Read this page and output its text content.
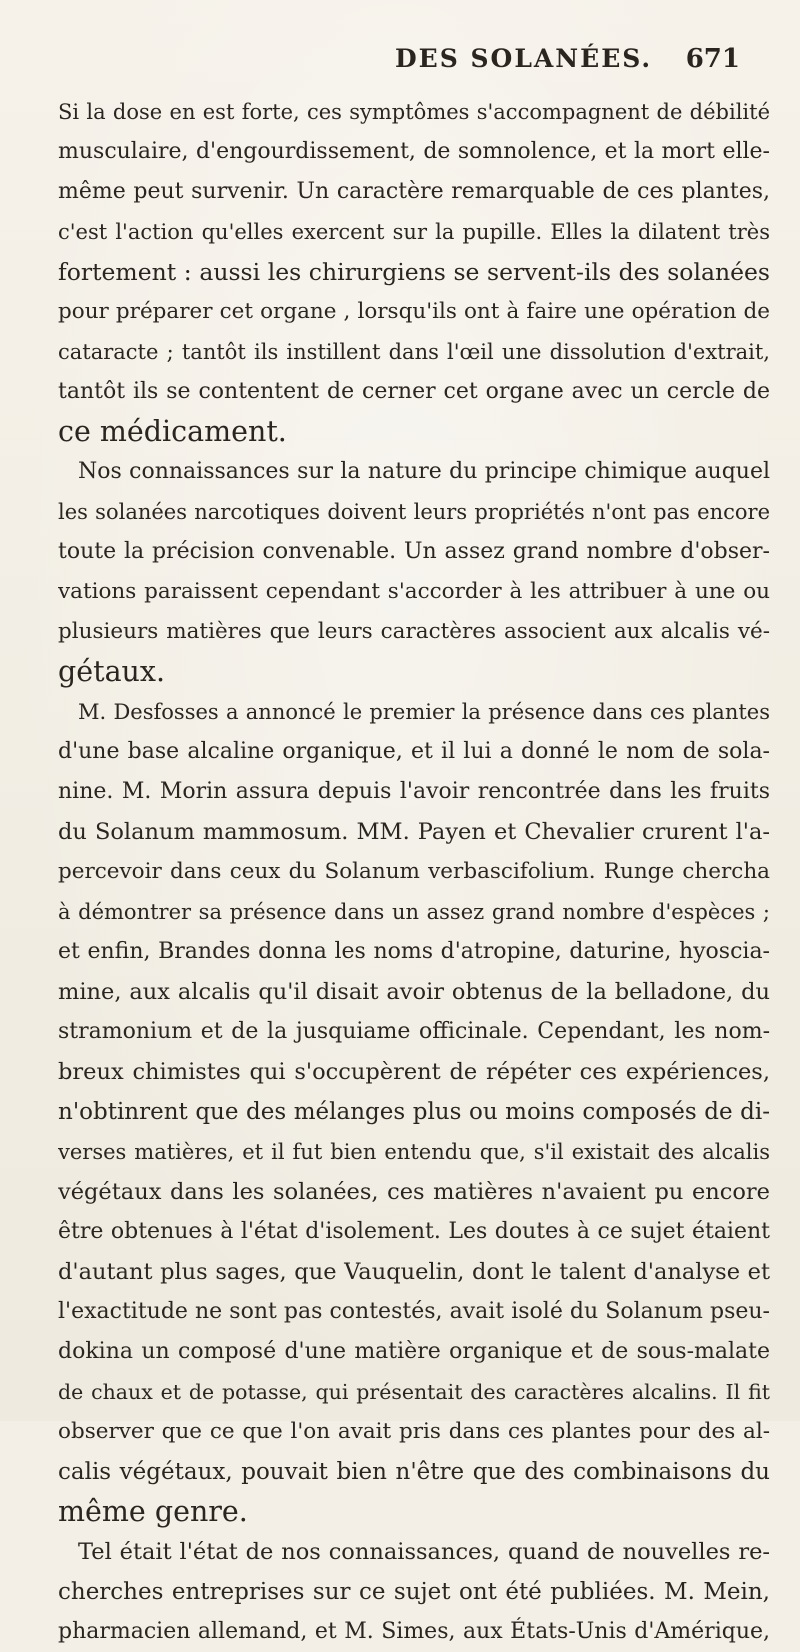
DES SOLANÉES. 671
Si la dose en est forte, ces symptômes s'accompagnent de débilité
musculaire, d'engourdissement, de somnolence, et la mort elle-
même peut survenir. Un caractère remarquable de ces plantes,
c'est l'action qu'elles exercent sur la pupille. Elles la dilatent très
fortement : aussi les chirurgiens se servent-ils des solanées
pour préparer cet organe , lorsqu'ils ont à faire une opération de
cataracte ; tantôt ils instillent dans l'œil une dissolution d'extrait,
tantôt ils se contentent de cerner cet organe avec un cercle de
ce médicament.
Nos connaissances sur la nature du principe chimique auquel
les solanées narcotiques doivent leurs propriétés n'ont pas encore
toute la précision convenable. Un assez grand nombre d'obser-
vations paraissent cependant s'accorder à les attribuer à une ou
plusieurs matières que leurs caractères associent aux alcalis vé-
gétaux.
M. Desfosses a annoncé le premier la présence dans ces plantes
d'une base alcaline organique, et il lui a donné le nom de sola-
nine. M. Morin assura depuis l'avoir rencontrée dans les fruits
du Solanum mammosum. MM. Payen et Chevalier crurent l'a-
percevoir dans ceux du Solanum verbascifolium. Runge chercha
à démontrer sa présence dans un assez grand nombre d'espèces ;
et enfin, Brandes donna les noms d'atropine, daturine, hyoscia-
mine, aux alcalis qu'il disait avoir obtenus de la belladone, du
stramonium et de la jusquiame officinale. Cependant, les nom-
breux chimistes qui s'occupèrent de répéter ces expériences,
n'obtinrent que des mélanges plus ou moins composés de di-
verses matières, et il fut bien entendu que, s'il existait des alcalis
végétaux dans les solanées, ces matières n'avaient pu encore
être obtenues à l'état d'isolement. Les doutes à ce sujet étaient
d'autant plus sages, que Vauquelin, dont le talent d'analyse et
l'exactitude ne sont pas contestés, avait isolé du Solanum pseu-
dokina un composé d'une matière organique et de sous-malate
de chaux et de potasse, qui présentait des caractères alcalins. Il fit
observer que ce que l'on avait pris dans ces plantes pour des al-
calis végétaux, pouvait bien n'être que des combinaisons du
même genre.
Tel était l'état de nos connaissances, quand de nouvelles re-
cherches entreprises sur ce sujet ont été publiées. M. Mein,
pharmacien allemand, et M. Simes, aux États-Unis d'Amérique,
